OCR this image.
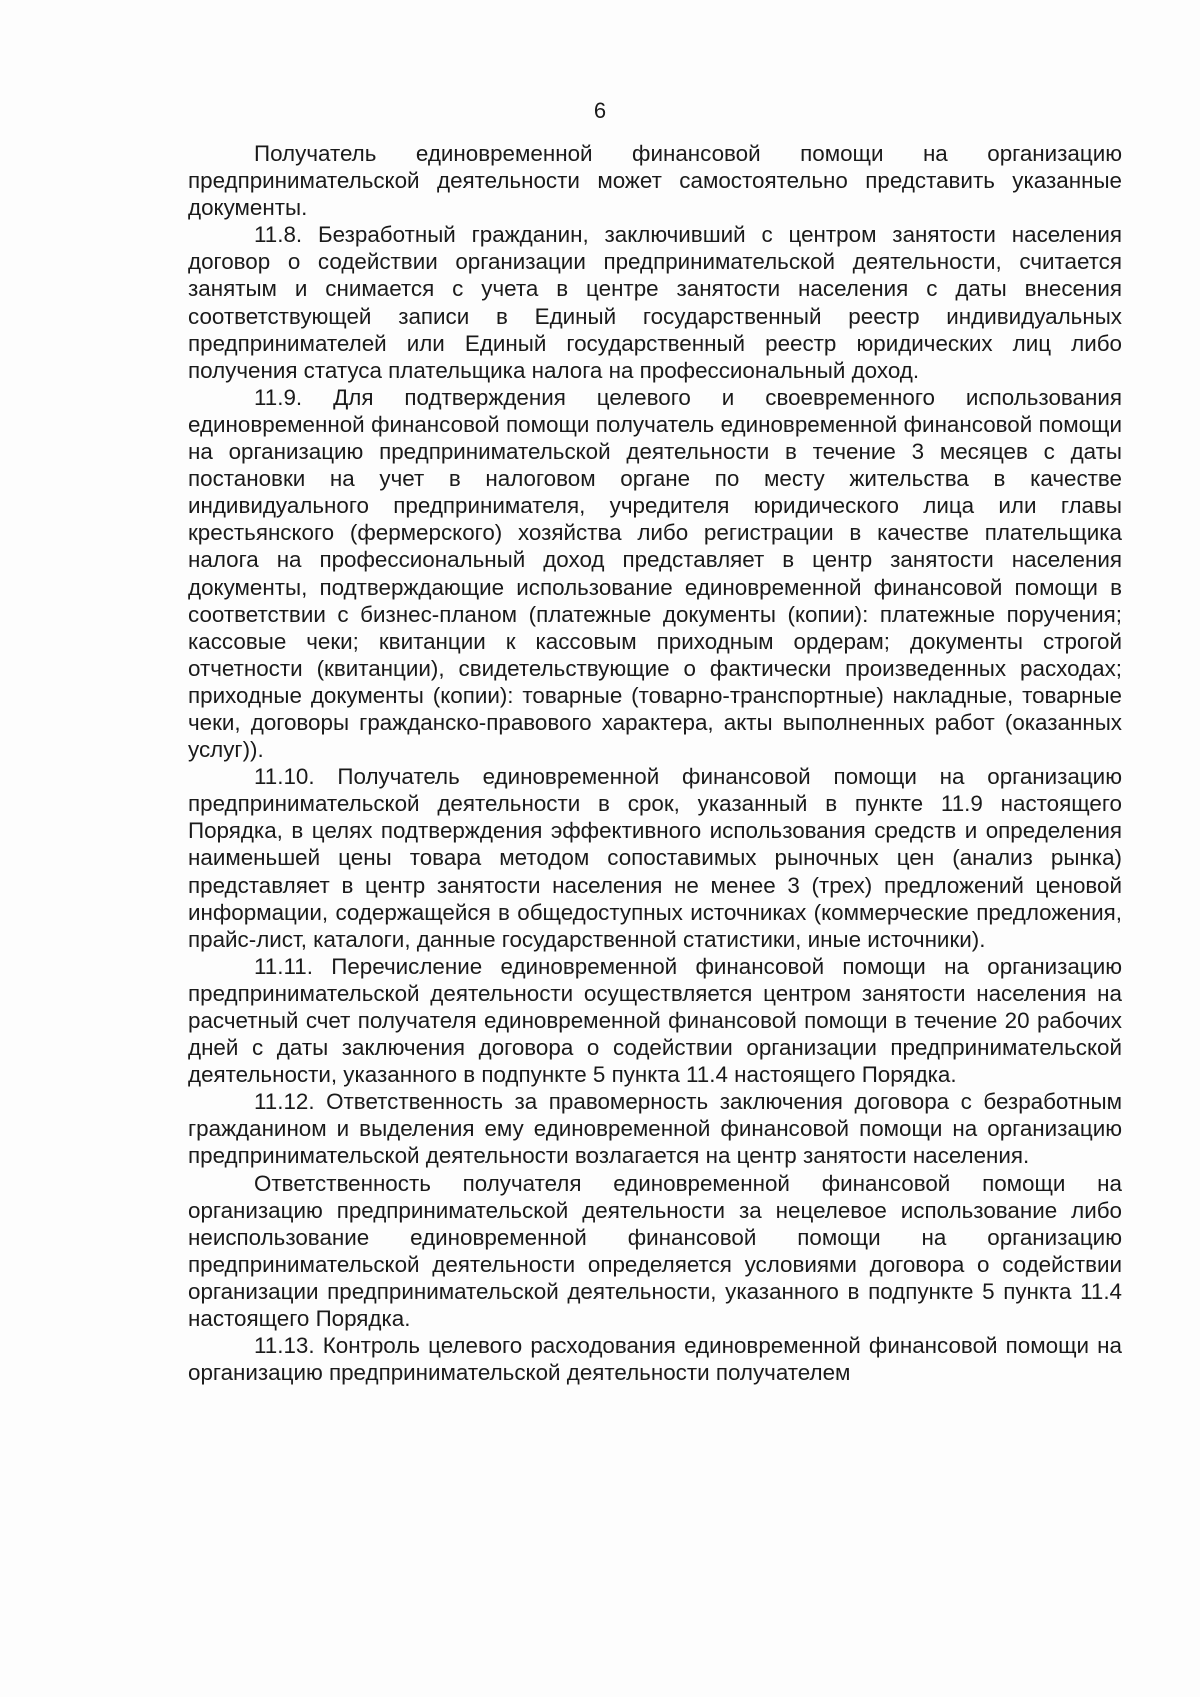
6

Получатель единовременной финансовой помощи на организацию предпринимательской деятельности может самостоятельно представить указанные документы.

11.8. Безработный гражданин, заключивший с центром занятости населения договор о содействии организации предпринимательской деятельности, считается занятым и снимается с учета в центре занятости населения с даты внесения соответствующей записи в Единый государственный реестр индивидуальных предпринимателей или Единый государственный реестр юридических лиц либо получения статуса плательщика налога на профессиональный доход.

11.9. Для подтверждения целевого и своевременного использования единовременной финансовой помощи получатель единовременной финансовой помощи на организацию предпринимательской деятельности в течение 3 месяцев с даты постановки на учет в налоговом органе по месту жительства в качестве индивидуального предпринимателя, учредителя юридического лица или главы крестьянского (фермерского) хозяйства либо регистрации в качестве плательщика налога на профессиональный доход представляет в центр занятости населения документы, подтверждающие использование единовременной финансовой помощи в соответствии с бизнес-планом (платежные документы (копии): платежные поручения; кассовые чеки; квитанции к кассовым приходным ордерам; документы строгой отчетности (квитанции), свидетельствующие о фактически произведенных расходах; приходные документы (копии): товарные (товарно-транспортные) накладные, товарные чеки, договоры гражданско-правового характера, акты выполненных работ (оказанных услуг)).

11.10. Получатель единовременной финансовой помощи на организацию предпринимательской деятельности в срок, указанный в пункте 11.9 настоящего Порядка, в целях подтверждения эффективного использования средств и определения наименьшей цены товара методом сопоставимых рыночных цен (анализ рынка) представляет в центр занятости населения не менее 3 (трех) предложений ценовой информации, содержащейся в общедоступных источниках (коммерческие предложения, прайс-лист, каталоги, данные государственной статистики, иные источники).

11.11. Перечисление единовременной финансовой помощи на организацию предпринимательской деятельности осуществляется центром занятости населения на расчетный счет получателя единовременной финансовой помощи в течение 20 рабочих дней с даты заключения договора о содействии организации предпринимательской деятельности, указанного в подпункте 5 пункта 11.4 настоящего Порядка.

11.12. Ответственность за правомерность заключения договора с безработным гражданином и выделения ему единовременной финансовой помощи на организацию предпринимательской деятельности возлагается на центр занятости населения.

Ответственность получателя единовременной финансовой помощи на организацию предпринимательской деятельности за нецелевое использование либо неиспользование единовременной финансовой помощи на организацию предпринимательской деятельности определяется условиями договора о содействии организации предпринимательской деятельности, указанного в подпункте 5 пункта 11.4 настоящего Порядка.

11.13. Контроль целевого расходования единовременной финансовой помощи на организацию предпринимательской деятельности получателем
